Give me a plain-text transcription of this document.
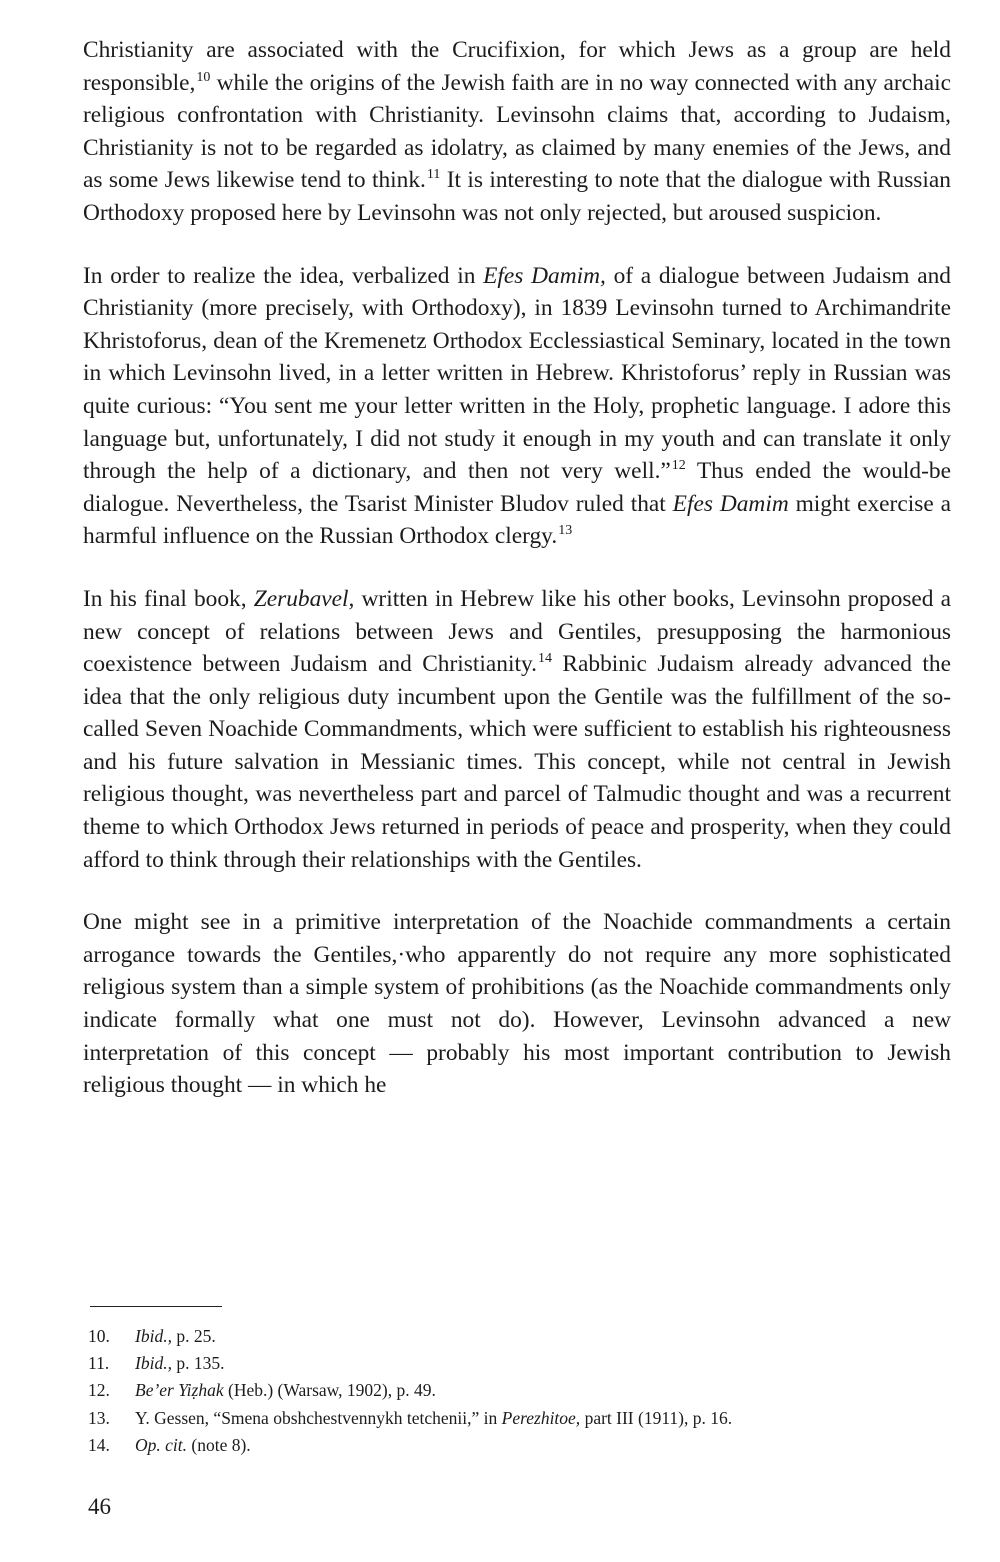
Christianity are associated with the Crucifixion, for which Jews as a group are held responsible,$^{10}$ while the origins of the Jewish faith are in no way connected with any archaic religious confrontation with Christianity. Levinsohn claims that, according to Judaism, Christianity is not to be regarded as idolatry, as claimed by many enemies of the Jews, and as some Jews likewise tend to think.$^{11}$ It is interesting to note that the dialogue with Russian Orthodoxy proposed here by Levinsohn was not only rejected, but aroused suspicion.

In order to realize the idea, verbalized in Efes Damim, of a dialogue between Judaism and Christianity (more precisely, with Orthodoxy), in 1839 Levinsohn turned to Archimandrite Khristoforus, dean of the Kremenetz Orthodox Ecclessiastical Seminary, located in the town in which Levinsohn lived, in a letter written in Hebrew. Khristoforus’ reply in Russian was quite curious: “You sent me your letter written in the Holy, prophetic language. I adore this language but, unfortunately, I did not study it enough in my youth and can translate it only through the help of a dictionary, and then not very well.”$^{12}$ Thus ended the would-be dialogue. Nevertheless, the Tsarist Minister Bludov ruled that Efes Damim might exercise a harmful influence on the Russian Orthodox clergy.$^{13}$

In his final book, Zerubavel, written in Hebrew like his other books, Levinsohn proposed a new concept of relations between Jews and Gentiles, presupposing the harmonious coexistence between Judaism and Christianity.$^{14}$ Rabbinic Judaism already advanced the idea that the only religious duty incumbent upon the Gentile was the fulfillment of the so-called Seven Noachide Commandments, which were sufficient to establish his righteousness and his future salvation in Messianic times. This concept, while not central in Jewish religious thought, was nevertheless part and parcel of Talmudic thought and was a recurrent theme to which Orthodox Jews returned in periods of peace and prosperity, when they could afford to think through their relationships with the Gentiles.

One might see in a primitive interpretation of the Noachide commandments a certain arrogance towards the Gentiles,·who apparently do not require any more sophisticated religious system than a simple system of prohibitions (as the Noachide commandments only indicate formally what one must not do). However, Levinsohn advanced a new interpretation of this concept — probably his most important contribution to Jewish religious thought — in which he

10.	Ibid., p. 25.
11.	Ibid., p. 135.
12.	Be’er Yiẓhak (Heb.) (Warsaw, 1902), p. 49.
13.	Y. Gessen, “Smena obshchestvennykh tetchenii,” in Perezhitoe, part III (1911), p. 16.
14.	Op. cit. (note 8).
46
